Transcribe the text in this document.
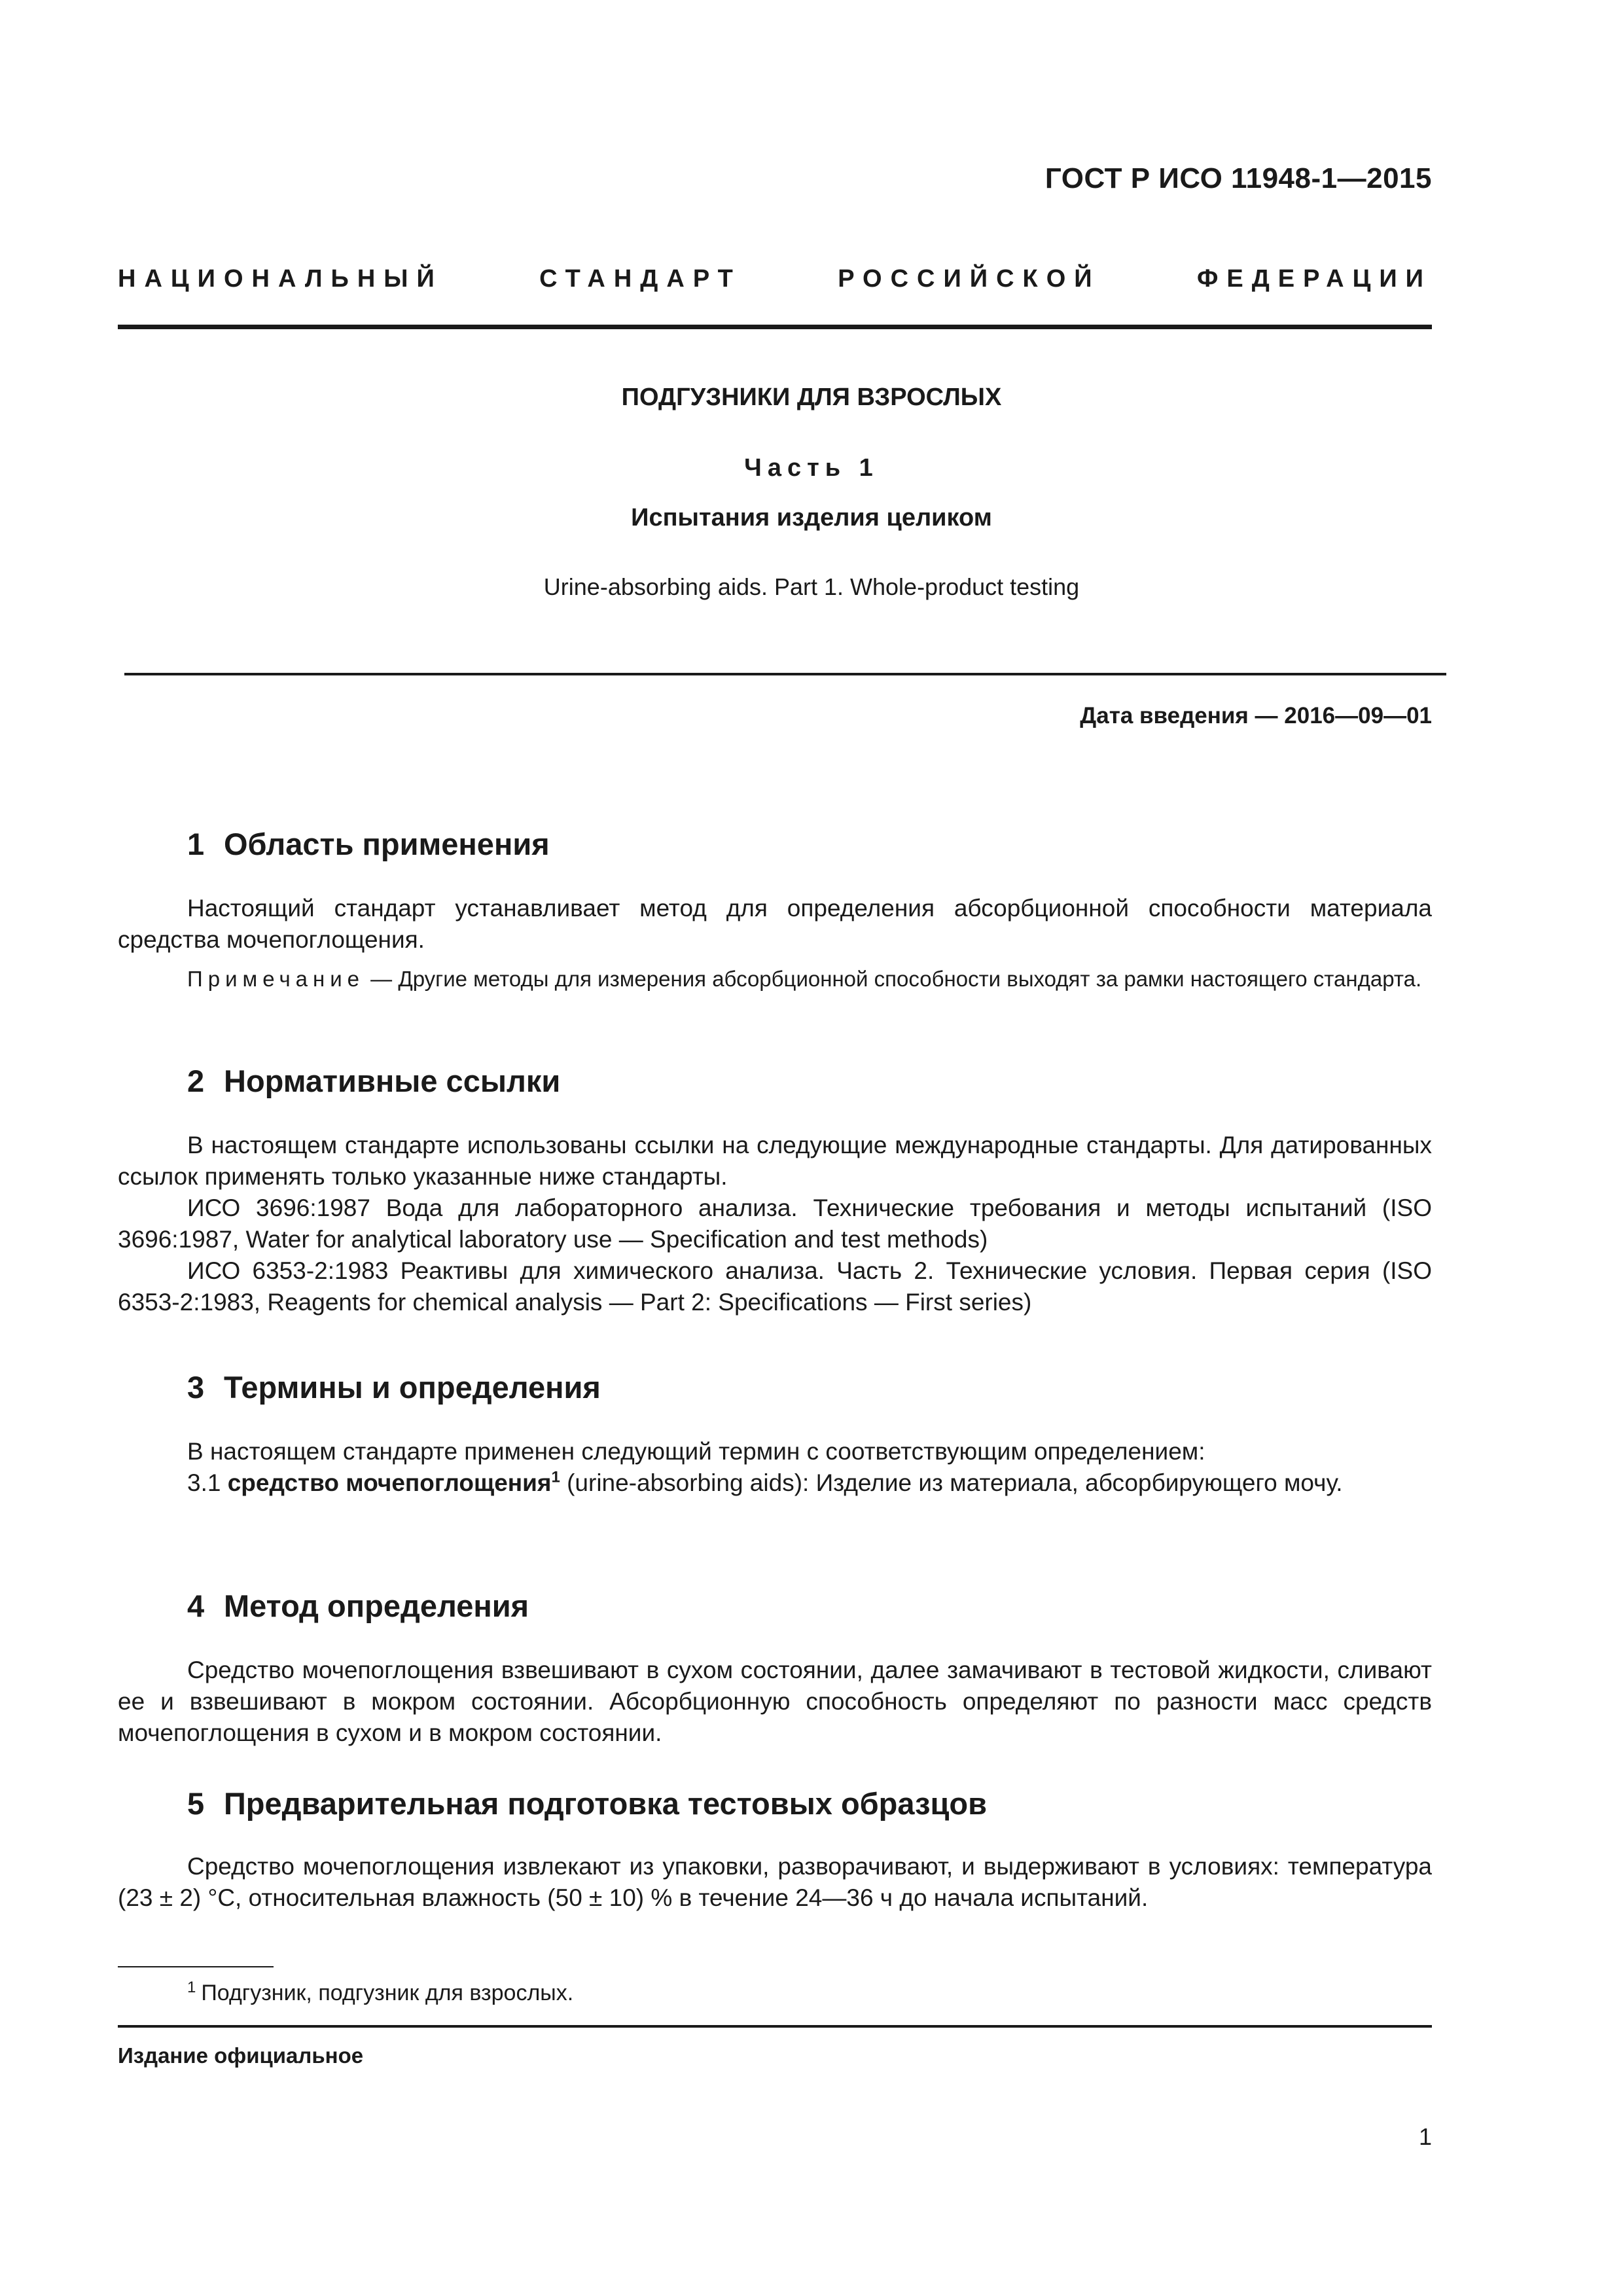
ГОСТ Р ИСО 11948-1—2015
НАЦИОНАЛЬНЫЙ	СТАНДАРТ	РОССИЙСКОЙ	ФЕДЕРАЦИИ
ПОДГУЗНИКИ ДЛЯ ВЗРОСЛЫХ
Часть 1
Испытания изделия целиком
Urine-absorbing aids. Part 1. Whole-product testing
Дата введения — 2016—09—01
1 Область применения
Настоящий стандарт устанавливает метод для определения абсорбционной способности материала средства мочепоглощения.
Примечание — Другие методы для измерения абсорбционной способности выходят за рамки настоящего стандарта.
2 Нормативные ссылки
В настоящем стандарте использованы ссылки на следующие международные стандарты. Для датированных ссылок применять только указанные ниже стандарты.
ИСО 3696:1987 Вода для лабораторного анализа. Технические требования и методы испытаний (ISO 3696:1987, Water for analytical laboratory use — Specification and test methods)
ИСО 6353-2:1983 Реактивы для химического анализа. Часть 2. Технические условия. Первая серия (ISO 6353-2:1983, Reagents for chemical analysis — Part 2: Specifications — First series)
3 Термины и определения
В настоящем стандарте применен следующий термин с соответствующим определением:
3.1 средство мочепоглощения$^1$ (urine-absorbing aids): Изделие из материала, абсорбирующего мочу.
4 Метод определения
Средство мочепоглощения взвешивают в сухом состоянии, далее замачивают в тестовой жидкости, сливают ее и взвешивают в мокром состоянии. Абсорбционную способность определяют по разности масс средств мочепоглощения в сухом и в мокром состоянии.
5 Предварительная подготовка тестовых образцов
Средство мочепоглощения извлекают из упаковки, разворачивают, и выдерживают в условиях: температура (23 ± 2) °С, относительная влажность (50 ± 10) % в течение 24—36 ч до начала испытаний.
$^1$ Подгузник, подгузник для взрослых.
Издание официальное
1
